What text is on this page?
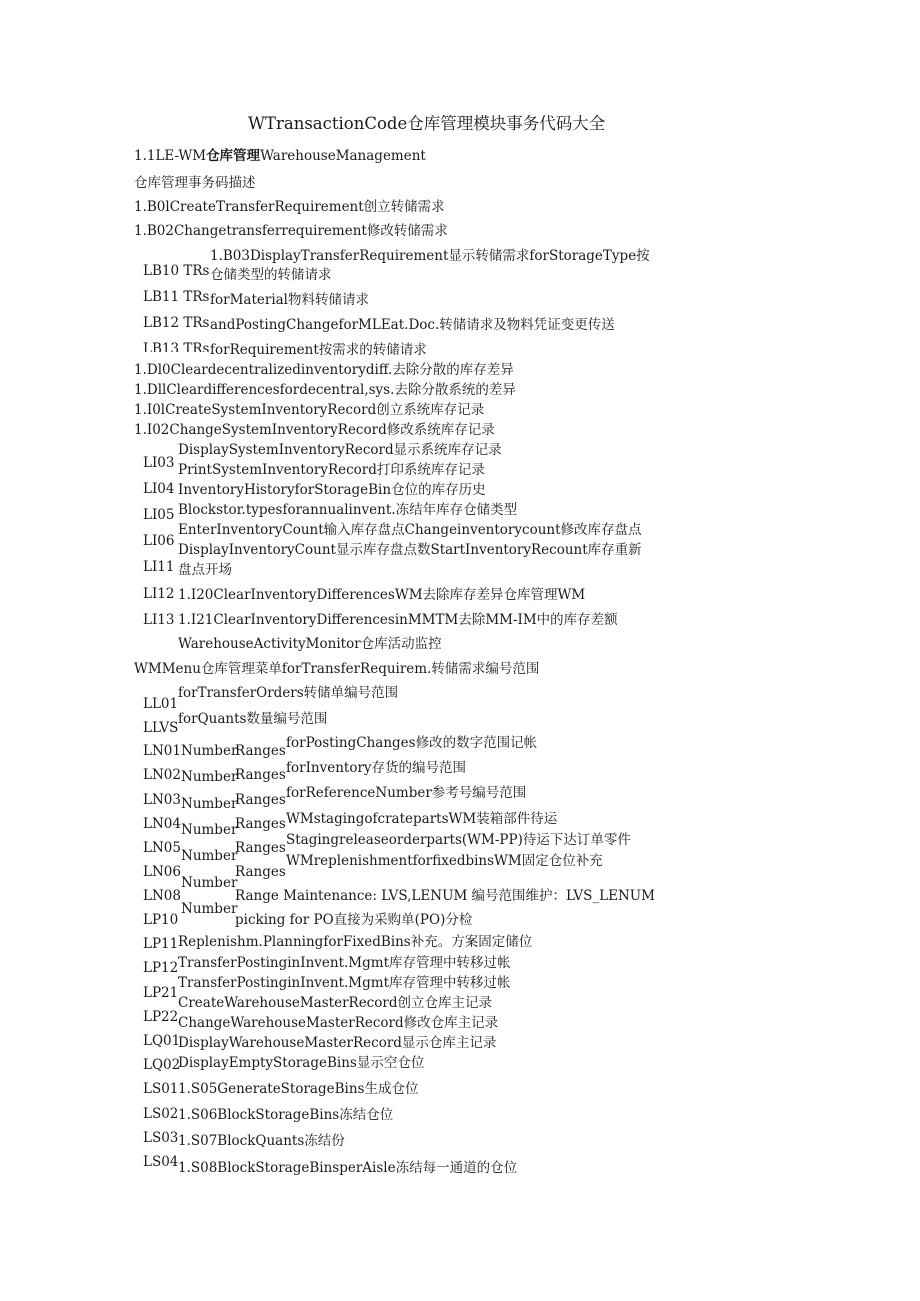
WTransactionCode仓库管理模块事务代码大全
1.1LE-WM仓库管理WarehouseManagement
仓库管理事务码描述
1.B0lCreateTransferRequirement创立转储需求
1.B02Changetransferrequirement修改转储需求
1.B03DisplayTransferRequirement显示转储需求forStorageType按
仓储类型的转储请求
LB10 TRs
LB11 TRs
LB12 TRs
LB13 TRs
forMaterial物料转储请求
andPostingChangeforMLEat.Doc.转储请求及物料凭证变更传送
forRequirement按需求的转储请求
1.Dl0Cleardecentralizedinventorydiff.去除分散的库存差异
1.DllCleardifferencesfordecentral,sys.去除分散系统的差异
1.I0lCreateSystemInventoryRecord创立系统库存记录
1.I02ChangeSystemInventoryRecord修改系统库存记录
DisplaySystemInventoryRecord显示系统库存记录
PrintSystemInventoryRecord打印系统库存记录
InventoryHistoryforStorageBin仓位的库存历史
Blockstor.typesforannualinvent.冻结年库存仓储类型
EnterInventoryCount输入库存盘点Changeinventorycount修改库存盘点
DisplayInventoryCount显示库存盘点数StartInventoryRecount库存重新
盘点开场
1.I20ClearInventoryDifferencesWM去除库存差异仓库管理WM
1.I21ClearInventoryDifferencesinMMTM去除MM-IM中的库存差额
WarehouseActivityMonitor仓库活动监控
LI03
LI04
LI05
LI06
LI11
LI12
LI13
WMMenu仓库管理菜单forTransferRequirem.转储需求编号范围
forTransferOrders转储单编号范围
forQuants数量编号范围
LL01
LLVS
LN01
LN02
LN03
LN04
LN05
LN06
LN08
LP10
Number
Number
Number
Number
Number
Number
Number
Ranges
Ranges
Ranges
Ranges
Ranges
Ranges
forPostingChanges修改的数字范围记帐
forInventory存货的编号范围
forReferenceNumber参考号编号范围
WMstagingofcratepartsWM装箱部件待运
Stagingreleaseorderparts(WM-PP)待运下达订单零件
WMreplenishmentforfixedbinsWM固定仓位补充
Range Maintenance: LVS,LENUM 编号范围维护：LVS_LENUM
picking for PO直接为采购单(PO)分检
LP11
LP12
LP21
LP22
LQ01
LQ02
Replenishm.PlanningforFixedBins补充。方案固定储位
TransferPostinginInvent.Mgmt库存管理中转移过帐
TransferPostinginInvent.Mgmt库存管理中转移过帐
CreateWarehouseMasterRecord创立仓库主记录
ChangeWarehouseMasterRecord修改仓库主记录
DisplayWarehouseMasterRecord显示仓库主记录
DisplayEmptyStorageBins显示空仓位
LS01
LS02
LS03
LS04
1.S05GenerateStorageBins生成仓位
1.S06BlockStorageBins冻结仓位
1.S07BlockQuants冻结份
1.S08BlockStorageBinsperAisle冻结每一通道的仓位
